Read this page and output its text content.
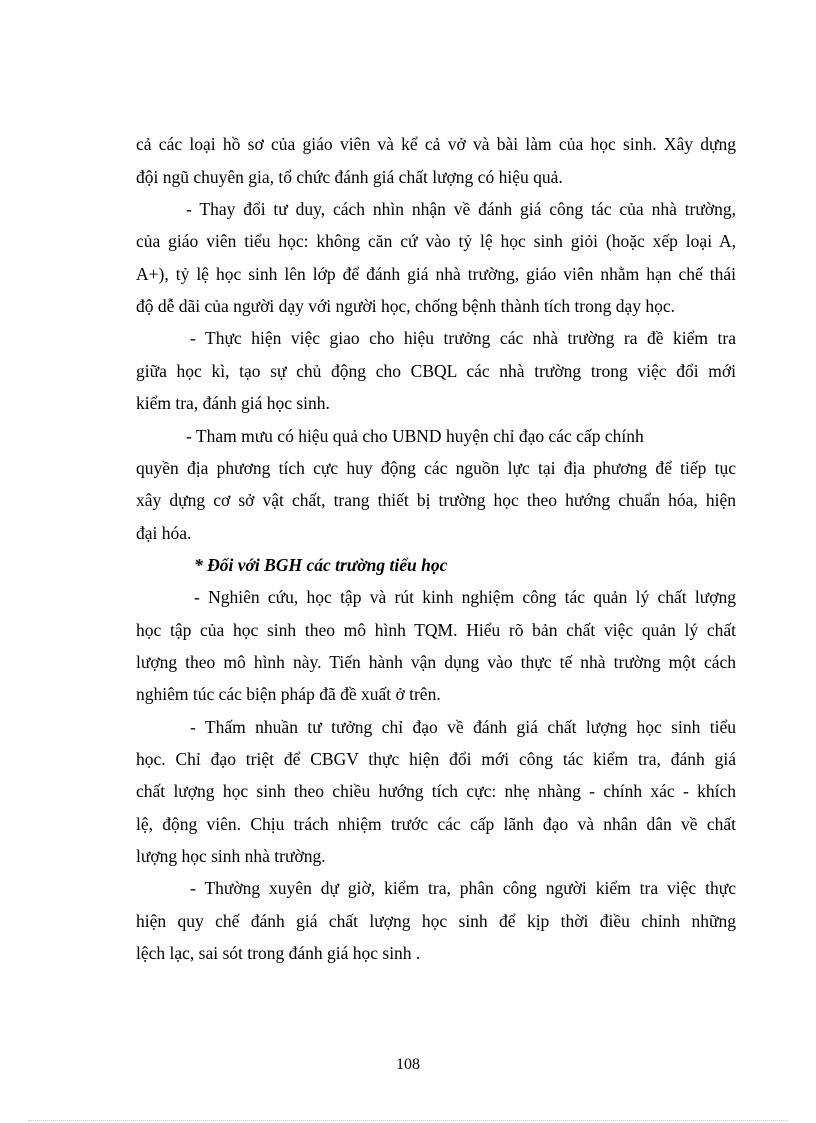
cả các loại hồ sơ của giáo viên và kể cả vở và bài làm của học sinh. Xây dựng
đội ngũ chuyên gia, tổ chức đánh giá chất lượng có hiệu quả.
- Thay đổi tư duy, cách nhìn nhận về đánh giá công tác của nhà trường,
của giáo viên tiểu học: không căn cứ vào tỷ lệ học sinh giỏi (hoặc xếp loại A,
A+), tỷ lệ học sinh lên lớp để đánh giá nhà trường, giáo viên nhằm hạn chế thái
độ dễ dãi của người dạy với người học, chống bệnh thành tích trong dạy học.
- Thực hiện việc giao cho hiệu trưởng các nhà trường ra đề kiểm tra
giữa học kì, tạo sự chủ động cho CBQL các nhà trường trong việc đổi mới
kiểm tra, đánh giá học sinh.
- Tham mưu có hiệu quả cho UBND huyện chỉ đạo các cấp chính
quyền địa phương tích cực huy động các nguồn lực tại địa phương để tiếp tục
xây dựng cơ sở vật chất, trang thiết bị trường học theo hướng chuẩn hóa, hiện
đại hóa.
* Đối với BGH các trường tiểu học
- Nghiên cứu, học tập và rút kinh nghiệm công tác quản lý chất lượng
học tập của học sinh theo mô hình TQM. Hiểu rõ bản chất việc quản lý chất
lượng theo mô hình này. Tiến hành vận dụng vào thực tế nhà trường một cách
nghiêm túc các biện pháp đã đề xuất ở trên.
- Thấm nhuần tư tưởng chỉ đạo về đánh giá chất lượng học sinh tiểu
học. Chỉ đạo triệt để CBGV thực hiện đổi mới công tác kiểm tra, đánh giá
chất lượng học sinh theo chiều hướng tích cực: nhẹ nhàng - chính xác - khích
lệ, động viên. Chịu trách nhiệm trước các cấp lãnh đạo và nhân dân về chất
lượng học sinh nhà trường.
- Thường xuyên dự giờ, kiểm tra, phân công người kiểm tra việc thực
hiện quy chế đánh giá chất lượng học sinh để kịp thời điều chỉnh những
lệch lạc, sai sót trong đánh giá học sinh .
108
